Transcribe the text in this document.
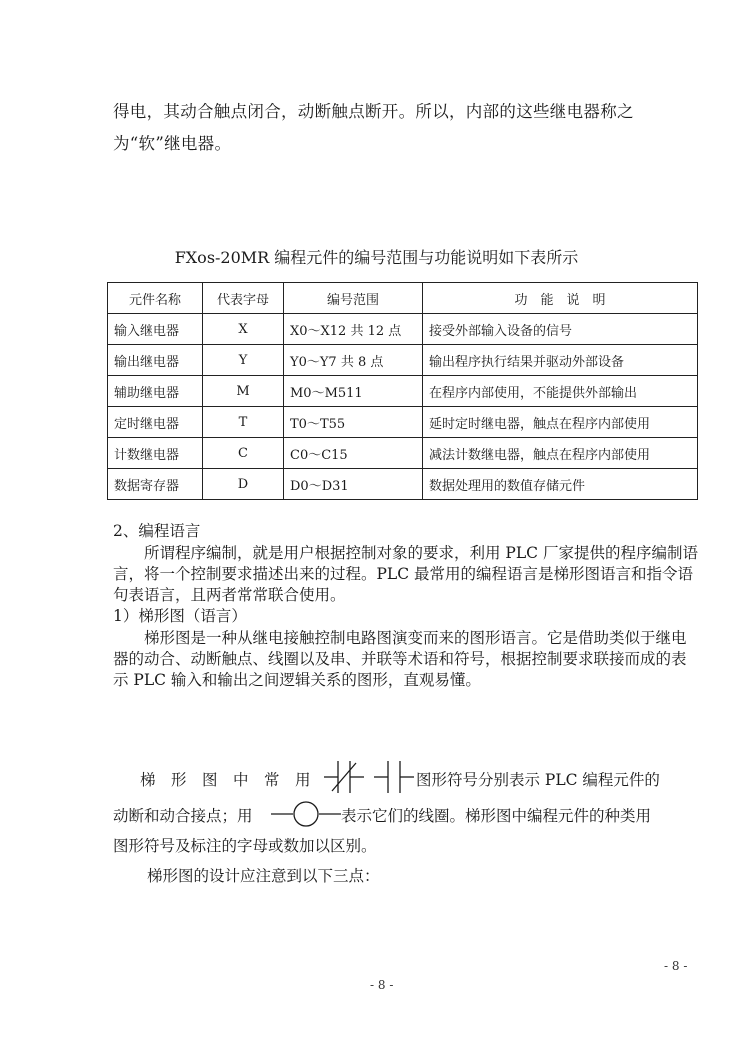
得电，其动合触点闭合，动断触点断开。所以，内部的这些继电器称之为“软”继电器。
FXos-20MR 编程元件的编号范围与功能说明如下表所示
元件名称	代表字母	编号范围	功　能　说　明
输入继电器	X	X0～X12 共 12 点	接受外部输入设备的信号
输出继电器	Y	Y0～Y7 共 8 点	输出程序执行结果并驱动外部设备
辅助继电器	M	M0～M511	在程序内部使用，不能提供外部输出
定时继电器	T	T0～T55	延时定时继电器，触点在程序内部使用
计数继电器	C	C0～C15	减法计数继电器，触点在程序内部使用
数据寄存器	D	D0～D31	数据处理用的数值存储元件
2、编程语言
所谓程序编制，就是用户根据控制对象的要求，利用 PLC 厂家提供的程序编制语言，将一个控制要求描述出来的过程。PLC 最常用的编程语言是梯形图语言和指令语句表语言，且两者常常联合使用。
1）梯形图（语言）
梯形图是一种从继电接触控制电路图演变而来的图形语言。它是借助类似于继电器的动合、动断触点、线圈以及串、并联等术语和符号，根据控制要求联接而成的表示 PLC 输入和输出之间逻辑关系的图形，直观易懂。
梯　形　图　中　常　用	图形符号分别表示 PLC 编程元件的
动断和动合接点；用	表示它们的线圈。梯形图中编程元件的种类用
图形符号及标注的字母或数加以区别。
梯形图的设计应注意到以下三点：
- 8 -
- 8 -
